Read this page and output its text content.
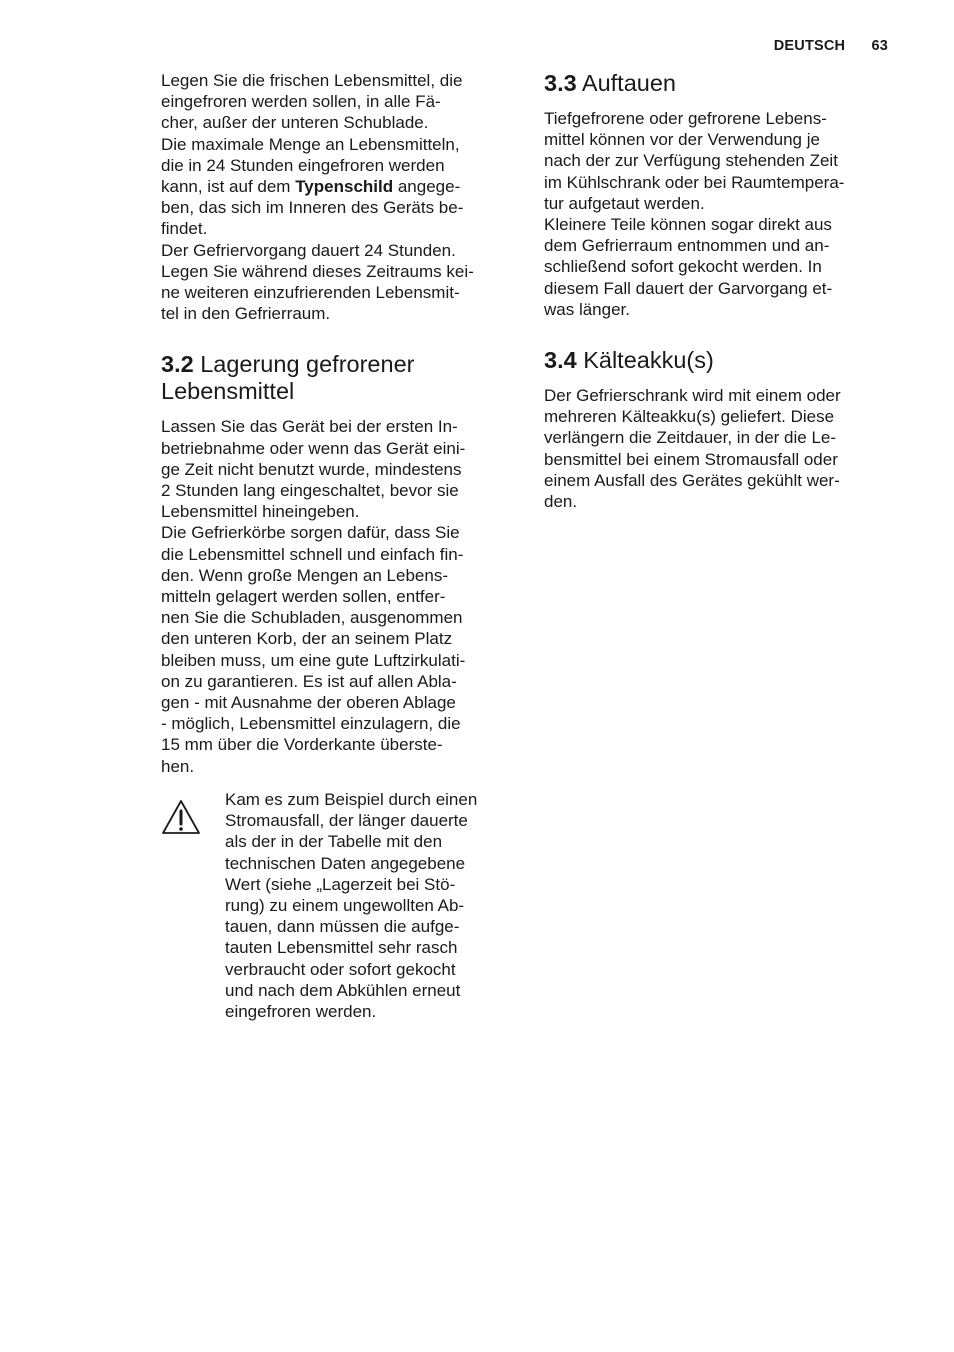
DEUTSCH 63
Legen Sie die frischen Lebensmittel, die
eingefroren werden sollen, in alle Fä-
cher, außer der unteren Schublade.
Die maximale Menge an Lebensmitteln,
die in 24 Stunden eingefroren werden
kann, ist auf dem Typenschild angege-
ben, das sich im Inneren des Geräts be-
findet.
Der Gefriervorgang dauert 24 Stunden.
Legen Sie während dieses Zeitraums kei-
ne weiteren einzufrierenden Lebensmit-
tel in den Gefrierraum.
3.2 Lagerung gefrorener
Lebensmittel
Lassen Sie das Gerät bei der ersten In-
betriebnahme oder wenn das Gerät eini-
ge Zeit nicht benutzt wurde, mindestens
2 Stunden lang eingeschaltet, bevor sie
Lebensmittel hineingeben.
Die Gefrierkörbe sorgen dafür, dass Sie
die Lebensmittel schnell und einfach fin-
den. Wenn große Mengen an Lebens-
mitteln gelagert werden sollen, entfer-
nen Sie die Schubladen, ausgenommen
den unteren Korb, der an seinem Platz
bleiben muss, um eine gute Luftzirkulati-
on zu garantieren. Es ist auf allen Abla-
gen - mit Ausnahme der oberen Ablage
- möglich, Lebensmittel einzulagern, die
15 mm über die Vorderkante überste-
hen.
Kam es zum Beispiel durch einen
Stromausfall, der länger dauerte
als der in der Tabelle mit den
technischen Daten angegebene
Wert (siehe „Lagerzeit bei Stö-
rung) zu einem ungewollten Ab-
tauen, dann müssen die aufge-
tauten Lebensmittel sehr rasch
verbraucht oder sofort gekocht
und nach dem Abkühlen erneut
eingefroren werden.
3.3 Auftauen
Tiefgefrorene oder gefrorene Lebens-
mittel können vor der Verwendung je
nach der zur Verfügung stehenden Zeit
im Kühlschrank oder bei Raumtempera-
tur aufgetaut werden.
Kleinere Teile können sogar direkt aus
dem Gefrierraum entnommen und an-
schließend sofort gekocht werden. In
diesem Fall dauert der Garvorgang et-
was länger.
3.4 Kälteakku(s)
Der Gefrierschrank wird mit einem oder
mehreren Kälteakku(s) geliefert. Diese
verlängern die Zeitdauer, in der die Le-
bensmittel bei einem Stromausfall oder
einem Ausfall des Gerätes gekühlt wer-
den.
